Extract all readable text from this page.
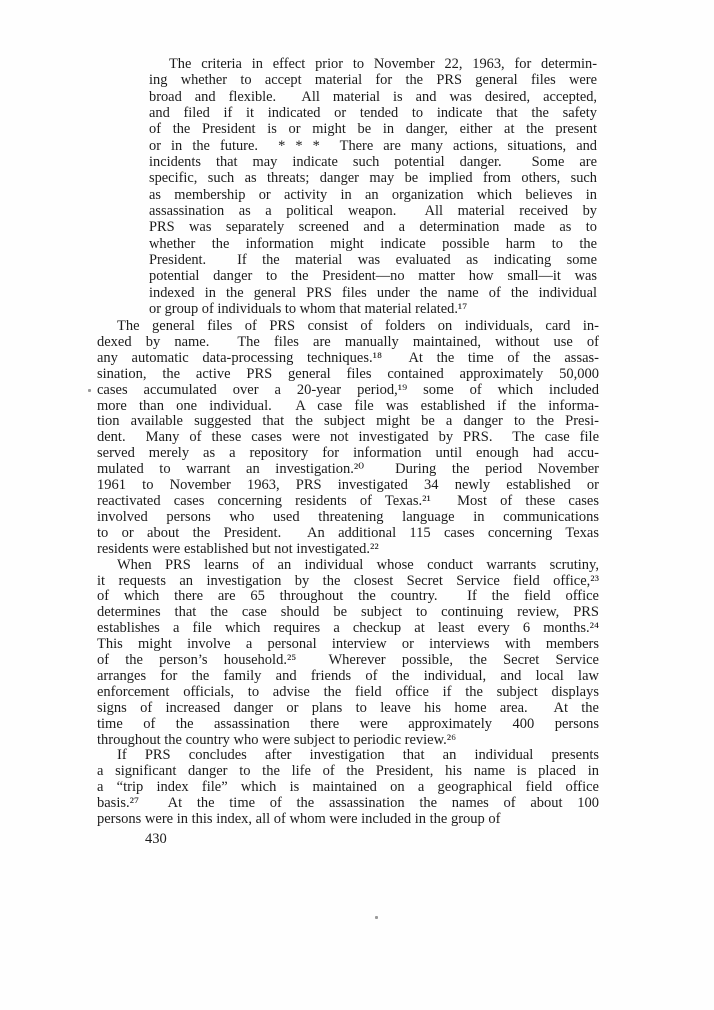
The criteria in effect prior to November 22, 1963, for determin-
ing whether to accept material for the PRS general files were
broad and flexible.  All material is and was desired, accepted,
and filed if it indicated or tended to indicate that the safety
of the President is or might be in danger, either at the present
or in the future.  * * *  There are many actions, situations, and
incidents that may indicate such potential danger.  Some are
specific, such as threats; danger may be implied from others, such
as membership or activity in an organization which believes in
assassination as a political weapon.  All material received by
PRS was separately screened and a determination made as to
whether the information might indicate possible harm to the
President.  If the material was evaluated as indicating some
potential danger to the President—no matter how small—it was
indexed in the general PRS files under the name of the individual
or group of individuals to whom that material related.¹⁷
The general files of PRS consist of folders on individuals, card in-
dexed by name.  The files are manually maintained, without use of
any automatic data-processing techniques.¹⁸  At the time of the assas-
sination, the active PRS general files contained approximately 50,000
cases accumulated over a 20-year period,¹⁹ some of which included
more than one individual.  A case file was established if the informa-
tion available suggested that the subject might be a danger to the Presi-
dent.  Many of these cases were not investigated by PRS.  The case file
served merely as a repository for information until enough had accu-
mulated to warrant an investigation.²⁰  During the period November
1961 to November 1963, PRS investigated 34 newly established or
reactivated cases concerning residents of Texas.²¹  Most of these cases
involved persons who used threatening language in communications
to or about the President.  An additional 115 cases concerning Texas
residents were established but not investigated.²²
When PRS learns of an individual whose conduct warrants scrutiny,
it requests an investigation by the closest Secret Service field office,²³
of which there are 65 throughout the country.  If the field office
determines that the case should be subject to continuing review, PRS
establishes a file which requires a checkup at least every 6 months.²⁴
This might involve a personal interview or interviews with members
of the person’s household.²⁵  Wherever possible, the Secret Service
arranges for the family and friends of the individual, and local law
enforcement officials, to advise the field office if the subject displays
signs of increased danger or plans to leave his home area.  At the
time of the assassination there were approximately 400 persons
throughout the country who were subject to periodic review.²⁶
If PRS concludes after investigation that an individual presents
a significant danger to the life of the President, his name is placed in
a “trip index file” which is maintained on a geographical field office
basis.²⁷  At the time of the assassination the names of about 100
persons were in this index, all of whom were included in the group of
430
